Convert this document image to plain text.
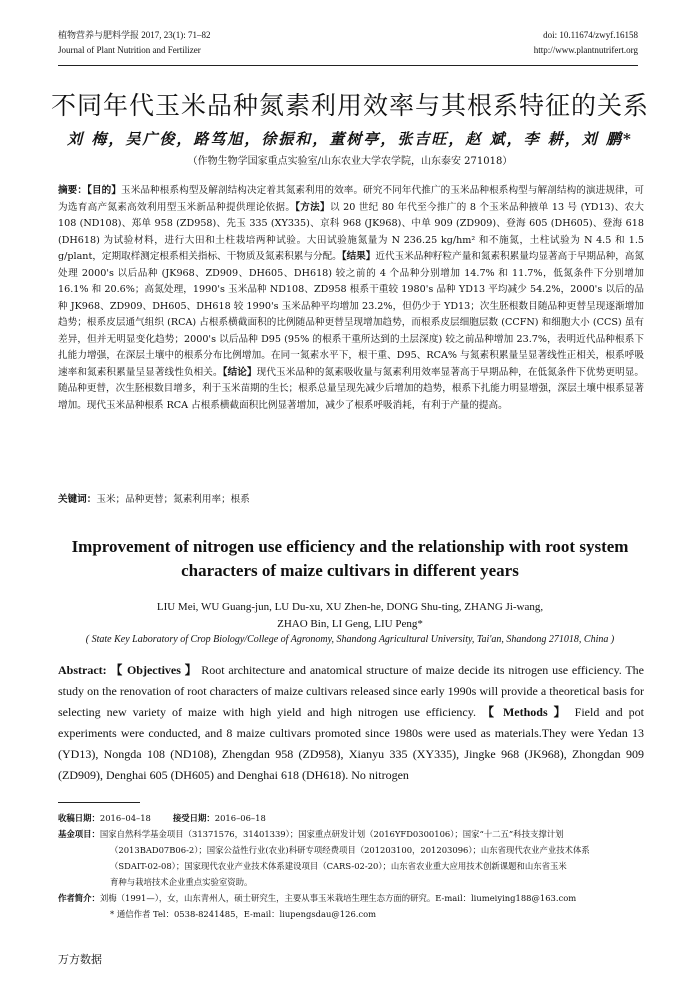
植物营养与肥料学报 2017, 23(1): 71–82
Journal of Plant Nutrition and Fertilizer
doi: 10.11674/zwyf.16158
http://www.plantnutrifert.org
不同年代玉米品种氮素利用效率与其根系特征的关系
刘 梅，吴广俊，路笃旭，徐振和，董树亭，张吉旺，赵 斌，李 耕，刘 鹏*
（作物生物学国家重点实验室/山东农业大学农学院，山东泰安 271018）
摘要：【目的】玉米品种根系构型及解剖结构决定着其氮素利用的效率。研究不同年代推广的玉米品种根系构型与解剖结构的演进规律，可为选育高产氮素高效利用型玉米新品种提供理论依据。【方法】以 20 世纪 80 年代至今推广的 8 个玉米品种掖单 13 号 (YD13)、农大 108 (ND108)、郑单 958 (ZD958)、先玉 335 (XY335)、京科 968 (JK968)、中单 909 (ZD909)、登海 605 (DH605)、登海 618 (DH618) 为试验材料，进行大田和土柱栽培两种试验。大田试验施氮量为 N 236.25 kg/hm² 和不施氮，土柱试验为 N 4.5 和 1.5 g/plant，定期取样测定根系相关指标、干物质及氮素积累与分配。【结果】近代玉米品种籽粒产量和氮素积累量均显著高于早期品种，高氮处理 2000's 以后品种 (JK968、ZD909、DH605、DH618) 较之前的 4 个品种分别增加 14.7% 和 11.7%，低氮条件下分别增加 16.1% 和 20.6%；高氮处理，1990's 玉米品种 ND108、ZD958 根系干重较 1980's 品种 YD13 平均减少 54.2%，2000's 以后的品种 JK968、ZD909、DH605、DH618 较 1990's 玉米品种平均增加 23.2%，但仍少于 YD13；次生胚根数目随品种更替呈现逐渐增加趋势；根系皮层通气组织 (RCA) 占根系横截面积的比例随品种更替呈现增加趋势，而根系皮层细胞层数 (CCFN) 和细胞大小 (CCS) 虽有差异，但并无明显变化趋势；2000's 以后品种 D95 (95% 的根系干重所达到的土层深度) 较之前品种增加 23.7%，表明近代品种根系下扎能力增强，在深层土壤中的根系分布比例增加。在同一氮素水平下，根干重、D95、RCA% 与氮素积累量呈显著线性正相关，根系呼吸速率和氮素积累量呈显著线性负相关。【结论】现代玉米品种的氮素吸收量与氮素利用效率显著高于早期品种，在低氮条件下优势更明显。随品种更替，次生胚根数目增多，利于玉米苗期的生长；根系总量呈现先减少后增加的趋势，根系下扎能力明显增强，深层土壤中根系显著增加。现代玉米品种根系 RCA 占根系横截面积比例显著增加，减少了根系呼吸消耗，有利于产量的提高。
关键词：玉米；品种更替；氮素利用率；根系
Improvement of nitrogen use efficiency and the relationship with root system characters of maize cultivars in different years
LIU Mei, WU Guang-jun, LU Du-xu, XU Zhen-he, DONG Shu-ting, ZHANG Ji-wang,
ZHAO Bin, LI Geng, LIU Peng*
( State Key Laboratory of Crop Biology/College of Agronomy, Shandong Agricultural University, Tai'an, Shandong 271018, China )
Abstract: 【 Objectives 】 Root architecture and anatomical structure of maize decide its nitrogen use efficiency. The study on the renovation of root characters of maize cultivars released since early 1990s will provide a theoretical basis for selecting new variety of maize with high yield and high nitrogen use efficiency. 【 Methods 】 Field and pot experiments were conducted, and 8 maize cultivars promoted since 1980s were used as materials.They were Yedan 13 (YD13), Nongda 108 (ND108), Zhengdan 958 (ZD958), Xianyu 335 (XY335), Jingke 968 (JK968), Zhongdan 909 (ZD909), Denghai 605 (DH605) and Denghai 618 (DH618). No nitrogen
收稿日期： 2016–04–18	接受日期： 2016–06–18
基金项目： 国家自然科学基金项目（31371576，31401339）；国家重点研发计划（2016YFD0300106）；国家“十二五”科技支撑计划
（2013BAD07B06-2）；国家公益性行业(农业)科研专项经费项目（201203100，201203096）；山东省现代农业产业技术体系
（SDAIT-02-08）；国家现代农业产业技术体系建设项目（CARS-02-20）；山东省农业重大应用技术创新课题和山东省玉米
育种与栽培技术企业重点实验室资助。
作者简介： 刘梅（1991—），女，山东青州人，硕士研究生，主要从事玉米栽培生理生态方面的研究。E-mail：liumeiying188@163.com
* 通信作者 Tel：0538-8241485，E-mail：liupengsdau@126.com
万方数据
